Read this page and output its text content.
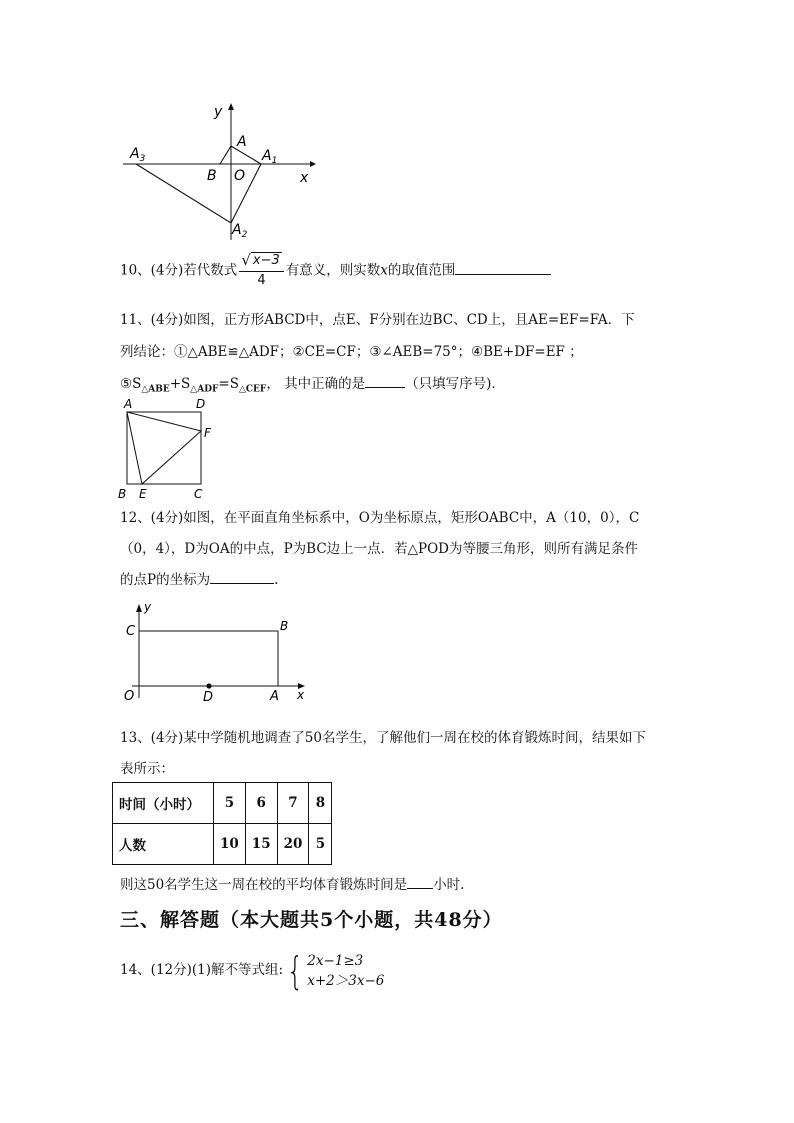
y
x
A
B O
$A_1$
$A_2$
$A_3$
10、(4分)若代数式 $\frac{√ x-3}{4}$ 有意义，则实数x的取值范围
11、(4分)如图，正方形ABCD中，点E、F分别在边BC、CD上，且AE=EF=FA．下
列结论：①△ABE≌△ADF；②CE=CF；③∠AEB=75°；④BE+DF=EF ；
$⑤S_{\triangle ABE}+S_{\triangle ADF}=S_{\triangle CEF}$， 其中正确的是	（只填写序号)．
A	D
F
B E	C
12、(4分)如图，在平面直角坐标系中，O为坐标原点，矩形OABC中，A（10，0），C
（0，4），D为OA的中点，P为BC边上一点．若△POD为等腰三角形，则所有满足条件
的点P的坐标为	.
y
x
C	B
O	D	A
13、(4分)某中学随机地调查了50名学生，了解他们一周在校的体育锻炼时间，结果如下
表所示：
时间（小时）	5	6	7	8
人数	10	15	20	5
则这50名学生这一周在校的平均体育锻炼时间是 小时.
三、解答题（本大题共5个小题，共48分）
14、(12分)(1)解不等式组: { 2x−1≥3
x+2＞3x−6
